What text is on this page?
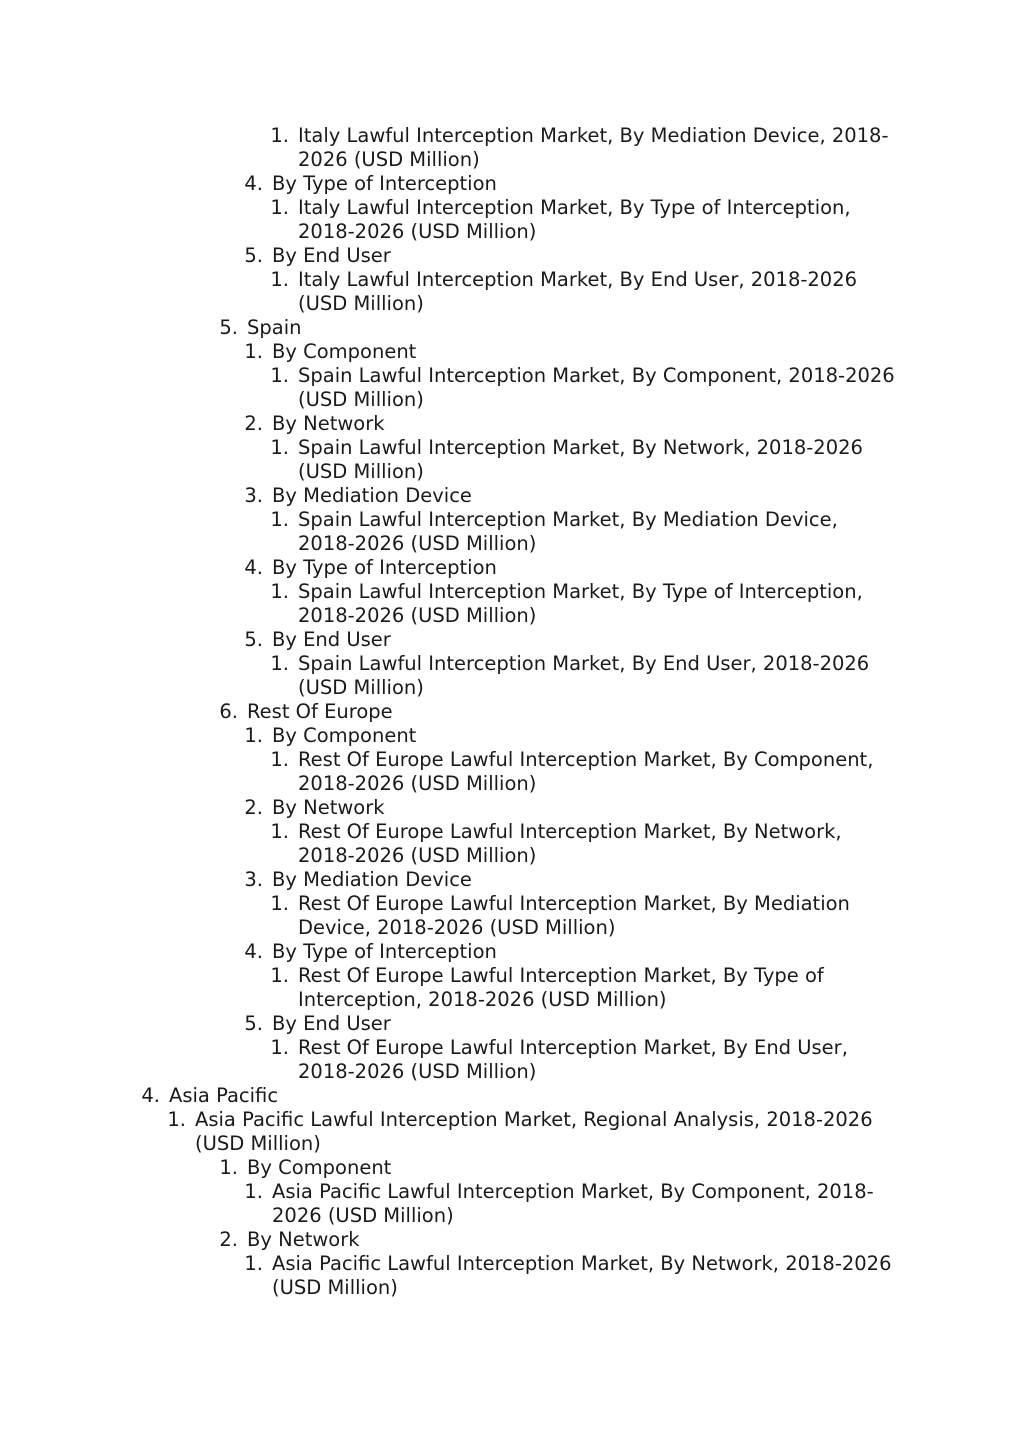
1. Italy Lawful Interception Market, By Mediation Device, 2018-2026 (USD Million)
4. By Type of Interception
1. Italy Lawful Interception Market, By Type of Interception, 2018-2026 (USD Million)
5. By End User
1. Italy Lawful Interception Market, By End User, 2018-2026 (USD Million)
5. Spain
1. By Component
1. Spain Lawful Interception Market, By Component, 2018-2026 (USD Million)
2. By Network
1. Spain Lawful Interception Market, By Network, 2018-2026 (USD Million)
3. By Mediation Device
1. Spain Lawful Interception Market, By Mediation Device, 2018-2026 (USD Million)
4. By Type of Interception
1. Spain Lawful Interception Market, By Type of Interception, 2018-2026 (USD Million)
5. By End User
1. Spain Lawful Interception Market, By End User, 2018-2026 (USD Million)
6. Rest Of Europe
1. By Component
1. Rest Of Europe Lawful Interception Market, By Component, 2018-2026 (USD Million)
2. By Network
1. Rest Of Europe Lawful Interception Market, By Network, 2018-2026 (USD Million)
3. By Mediation Device
1. Rest Of Europe Lawful Interception Market, By Mediation Device, 2018-2026 (USD Million)
4. By Type of Interception
1. Rest Of Europe Lawful Interception Market, By Type of Interception, 2018-2026 (USD Million)
5. By End User
1. Rest Of Europe Lawful Interception Market, By End User, 2018-2026 (USD Million)
4. Asia Pacific
1. Asia Pacific Lawful Interception Market, Regional Analysis, 2018-2026 (USD Million)
1. By Component
1. Asia Pacific Lawful Interception Market, By Component, 2018-2026 (USD Million)
2. By Network
1. Asia Pacific Lawful Interception Market, By Network, 2018-2026 (USD Million)
